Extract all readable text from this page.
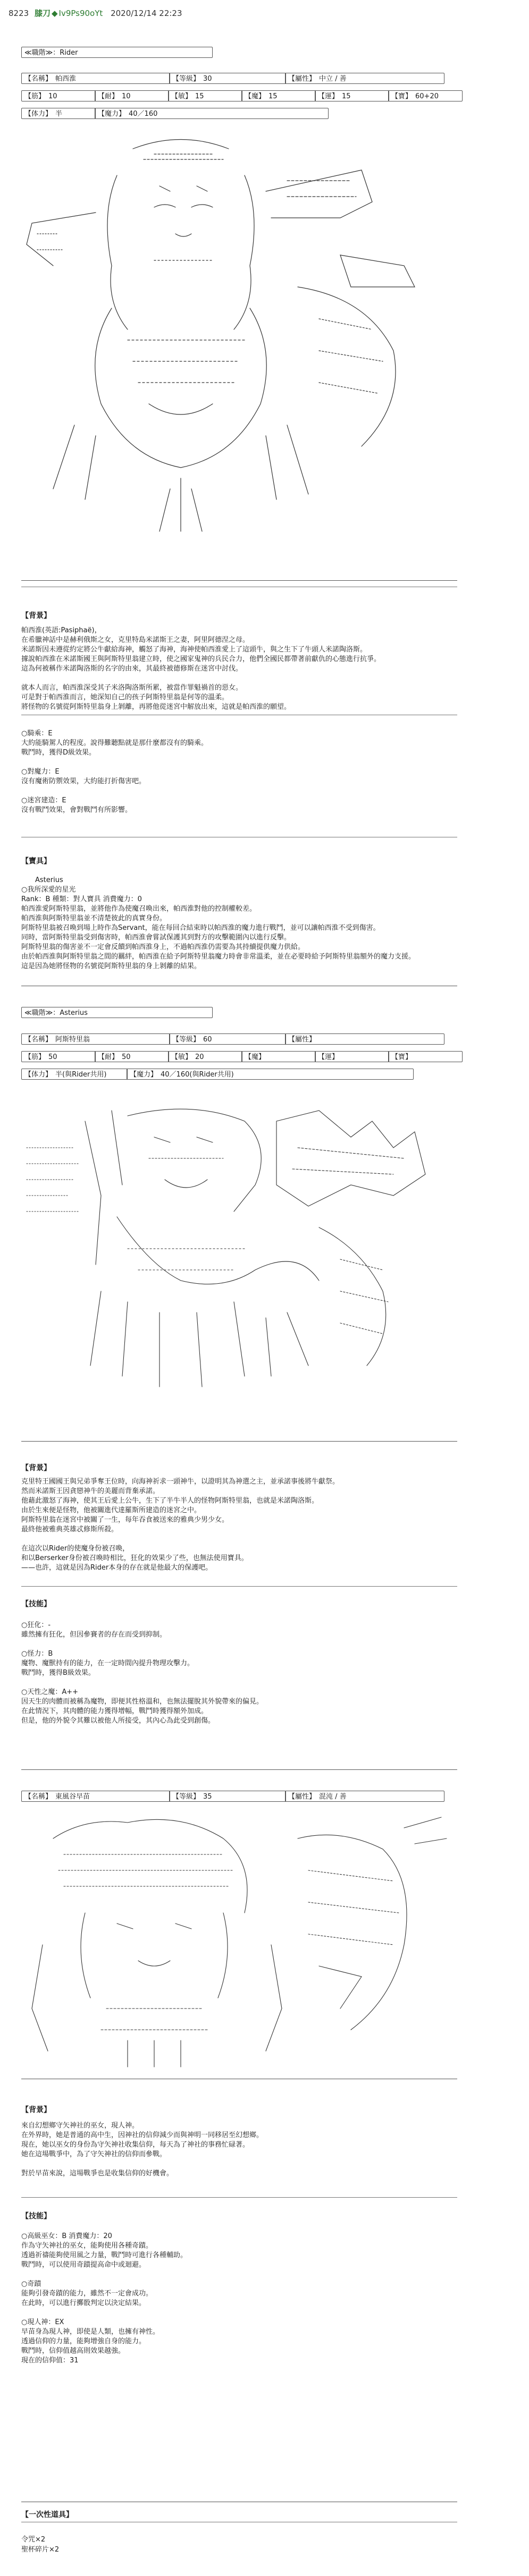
8223 膝刀 ◆ Iv9Ps90oYt 2020/12/14 22:23
≪職階≫：Rider
【名稱】 帕西淮	【等級】 30	【屬性】 中立 / 善
【筋】 10	【耐】 10	【敏】 15	【魔】 15	【運】 15	【寶】 60+20
【体力】 半	【魔力】 40／160
【背景】
帕西淮(英語:Pasiphaë)，
在希臘神話中是赫利俄斯之女，克里特島米諾斯王之妻，阿里阿德涅之母。
米諾斯因未遵從約定將公牛獻給海神，觸怒了海神，海神使帕西淮愛上了這頭牛，與之生下了牛頭人米諾陶洛斯。
據說帕西淮在米諾斯國王與阿斯特里翁建立時，使之國家鬼神的兵民合力，他們全國民都帶著前獻仇的心態進行抗爭。
這為何被稱作米諾陶洛斯的名字的由來，其最終被德修斯在迷宮中討伐。
就本人而言，帕西淮深受其子米洛陶洛斯所累，被當作罪魁禍首的惡女。
可是對于帕西淮而言，她深知自己的孩子阿斯特里翁是何等的溫柔。
將怪物的名號從阿斯特里翁身上剝離，再將他從迷宮中解放出來，這就是帕西淮的願望。
○騎乘：E
大約能騎駕人的程度。說得難聽點就是那什麼都沒有的騎乘。
戰鬥時，獲得D級效果。
○對魔力：E
沒有魔術防禦效果，大約能打折傷害吧。
○迷宮建造：E
沒有戰鬥效果，會對戰鬥有所影響。
【寶具】
Asterius
○我所深愛的星光
Rank：B 種類：對人寶具 消費魔力：0
帕西淮愛阿斯特里翁，並將他作為使魔召喚出來，帕西淮對他的控制權較差。
帕西淮與阿斯特里翁並不清楚彼此的真實身份。
阿斯特里翁被召喚到場上時作為Servant，能在每回合結束時以帕西淮的魔力進行戰鬥，並可以讓帕西淮不受到傷害。
同時，當阿斯特里翁受到傷害時，帕西淮會嘗試保護其到對方的攻擊範圍內以進行反擊。
阿斯特里翁的傷害並不一定會反饋到帕西淮身上，不過帕西淮仍需要為其持續提供魔力供給。
由於帕西淮與阿斯特里翁之間的羈絆，帕西淮在給予阿斯特里翁魔力時會非常溫柔，並在必要時給予阿斯特里翁額外的魔力支援。
這是因為她將怪物的名號從阿斯特里翁的身上剝離的結果。
≪職階≫：Asterius
【名稱】 阿斯特里翁	【等級】 60	【屬性】
【筋】 50	【耐】 50	【敏】 20	【魔】	【運】	【寶】
【体力】 半(與Rider共用)	【魔力】 40／160(與Rider共用)
【背景】
克里特王國國王與兄弟爭奪王位時，向海神祈求一頭神牛，以證明其為神選之主，並承諾事後將牛獻祭。
然而米諾斯王因貪戀神牛的美麗而背棄承諾。
他藉此激怒了海神，使其王后愛上公牛，生下了半牛半人的怪物阿斯特里翁，也就是米諾陶洛斯。
由於生來便是怪物，他被關進代達羅斯所建造的迷宮之中。
阿斯特里翁在迷宮中被關了一生，每年吞食被送來的雅典少男少女。
最終他被雅典英雄忒修斯所殺。
在這次以Rider的使魔身份被召喚，
和以Berserker身份被召喚時相比，狂化的效果少了些，也無法使用寶具。
——也許，這就是因為Rider本身的存在就是他最大的保護吧。
【技能】
○狂化：-
雖然擁有狂化，但因參賽者的存在而受到抑制。
○怪力：B
魔物、魔獸持有的能力，在一定時間內提升物理攻擊力。
戰鬥時，獲得B級效果。
○天性之魔：A++
因天生的肉體而被稱為魔物，即便其性格溫和，也無法擺脫其外貌帶來的偏見。
在此情況下，其肉體的能力獲得增幅，戰鬥時獲得額外加成。
但是，他的外貌令其難以被他人所接受，其內心為此受到創傷。
【名稱】 東風谷早苗	【等級】 35	【屬性】 混沌 / 善
【背景】
來自幻想鄉守矢神社的巫女，現人神。
在外界時，她是普通的高中生，因神社的信仰減少而與神明一同移居至幻想鄉。
現在，她以巫女的身份為守矢神社收集信仰，每天為了神社的事務忙碌著。
她在這場戰爭中，為了守矢神社的信仰而參戰。
對於早苗來說，這場戰爭也是收集信仰的好機會。
【技能】
○高級巫女：B 消費魔力：20
作為守矢神社的巫女，能夠使用各種奇蹟。
透過祈禱能夠使用風之力量，戰鬥時可進行各種輔助。
戰鬥時，可以使用奇蹟提高命中或迴避。
○奇蹟
能夠引發奇蹟的能力，雖然不一定會成功。
在此時，可以進行擲骰判定以決定結果。
○現人神：EX
早苗身為現人神，即使是人類，也擁有神性。
透過信仰的力量，能夠增強自身的能力。
戰鬥時，信仰值越高則效果越強。
現在的信仰值：31
【一次性道具】
令咒×2
聖杯碎片×2
